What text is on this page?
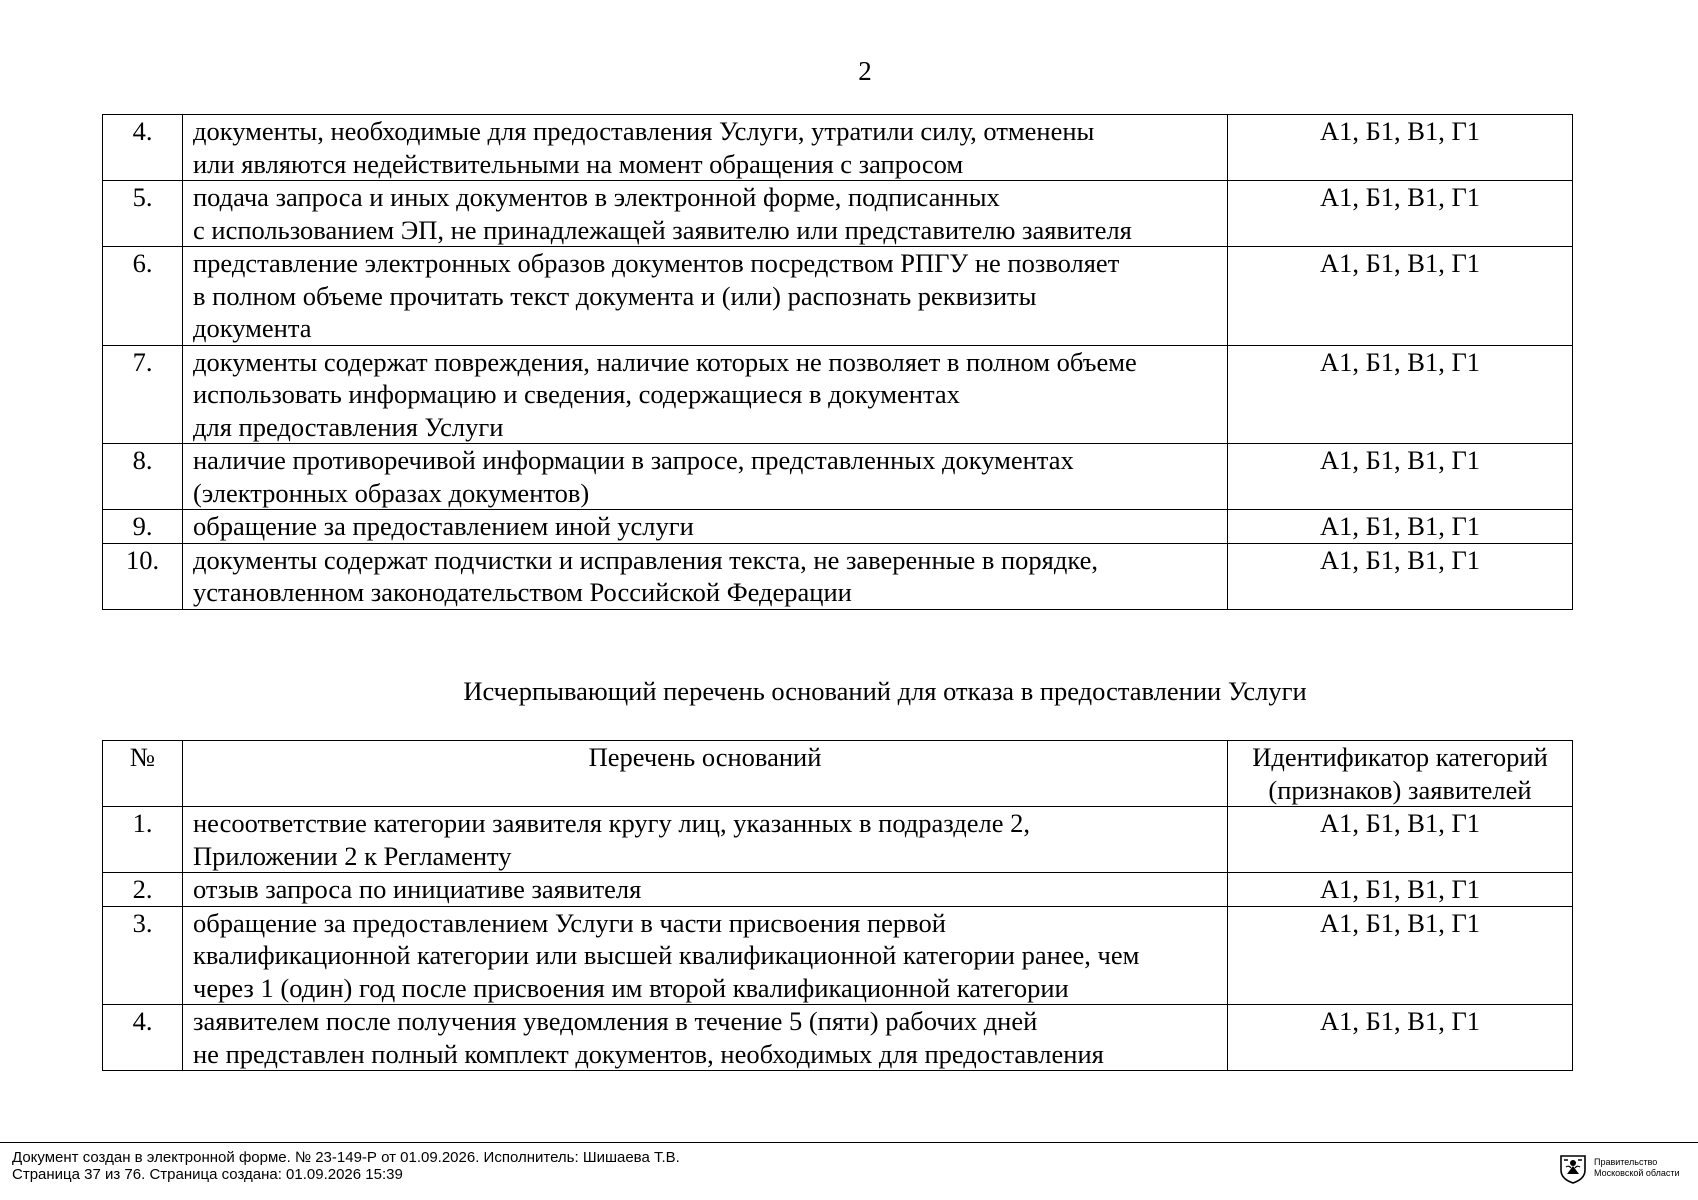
2
4.	документы, необходимые для предоставления Услуги, утратили силу, отменены
или являются недействительными на момент обращения с запросом	А1, Б1, В1, Г1
5.	подача запроса и иных документов в электронной форме, подписанных
с использованием ЭП, не принадлежащей заявителю или представителю заявителя	А1, Б1, В1, Г1
6.	представление электронных образов документов посредством РПГУ не позволяет
в полном объеме прочитать текст документа и (или) распознать реквизиты
документа	А1, Б1, В1, Г1
7.	документы содержат повреждения, наличие которых не позволяет в полном объеме
использовать информацию и сведения, содержащиеся в документах
для предоставления Услуги	А1, Б1, В1, Г1
8.	наличие противоречивой информации в запросе, представленных документах
(электронных образах документов)	А1, Б1, В1, Г1
9.	обращение за предоставлением иной услуги	А1, Б1, В1, Г1
10.	документы содержат подчистки и исправления текста, не заверенные в порядке,
установленном законодательством Российской Федерации	А1, Б1, В1, Г1
Исчерпывающий перечень оснований для отказа в предоставлении Услуги
№	Перечень оснований	Идентификатор категорий
(признаков) заявителей
1.	несоответствие категории заявителя кругу лиц, указанных в подразделе 2,
Приложении 2 к Регламенту	А1, Б1, В1, Г1
2.	отзыв запроса по инициативе заявителя	А1, Б1, В1, Г1
3.	обращение за предоставлением Услуги в части присвоения первой
квалификационной категории или высшей квалификационной категории ранее, чем
через 1 (один) год после присвоения им второй квалификационной категории	А1, Б1, В1, Г1
4.	заявителем после получения уведомления в течение 5 (пяти) рабочих дней
не представлен полный комплект документов, необходимых для предоставления	А1, Б1, В1, Г1
Документ создан в электронной форме. № 23-149-Р от 01.09.2026. Исполнитель: Шишаева Т.В.
Страница 37 из 76. Страница создана: 01.09.2026 15:39
Правительство
Московской области
